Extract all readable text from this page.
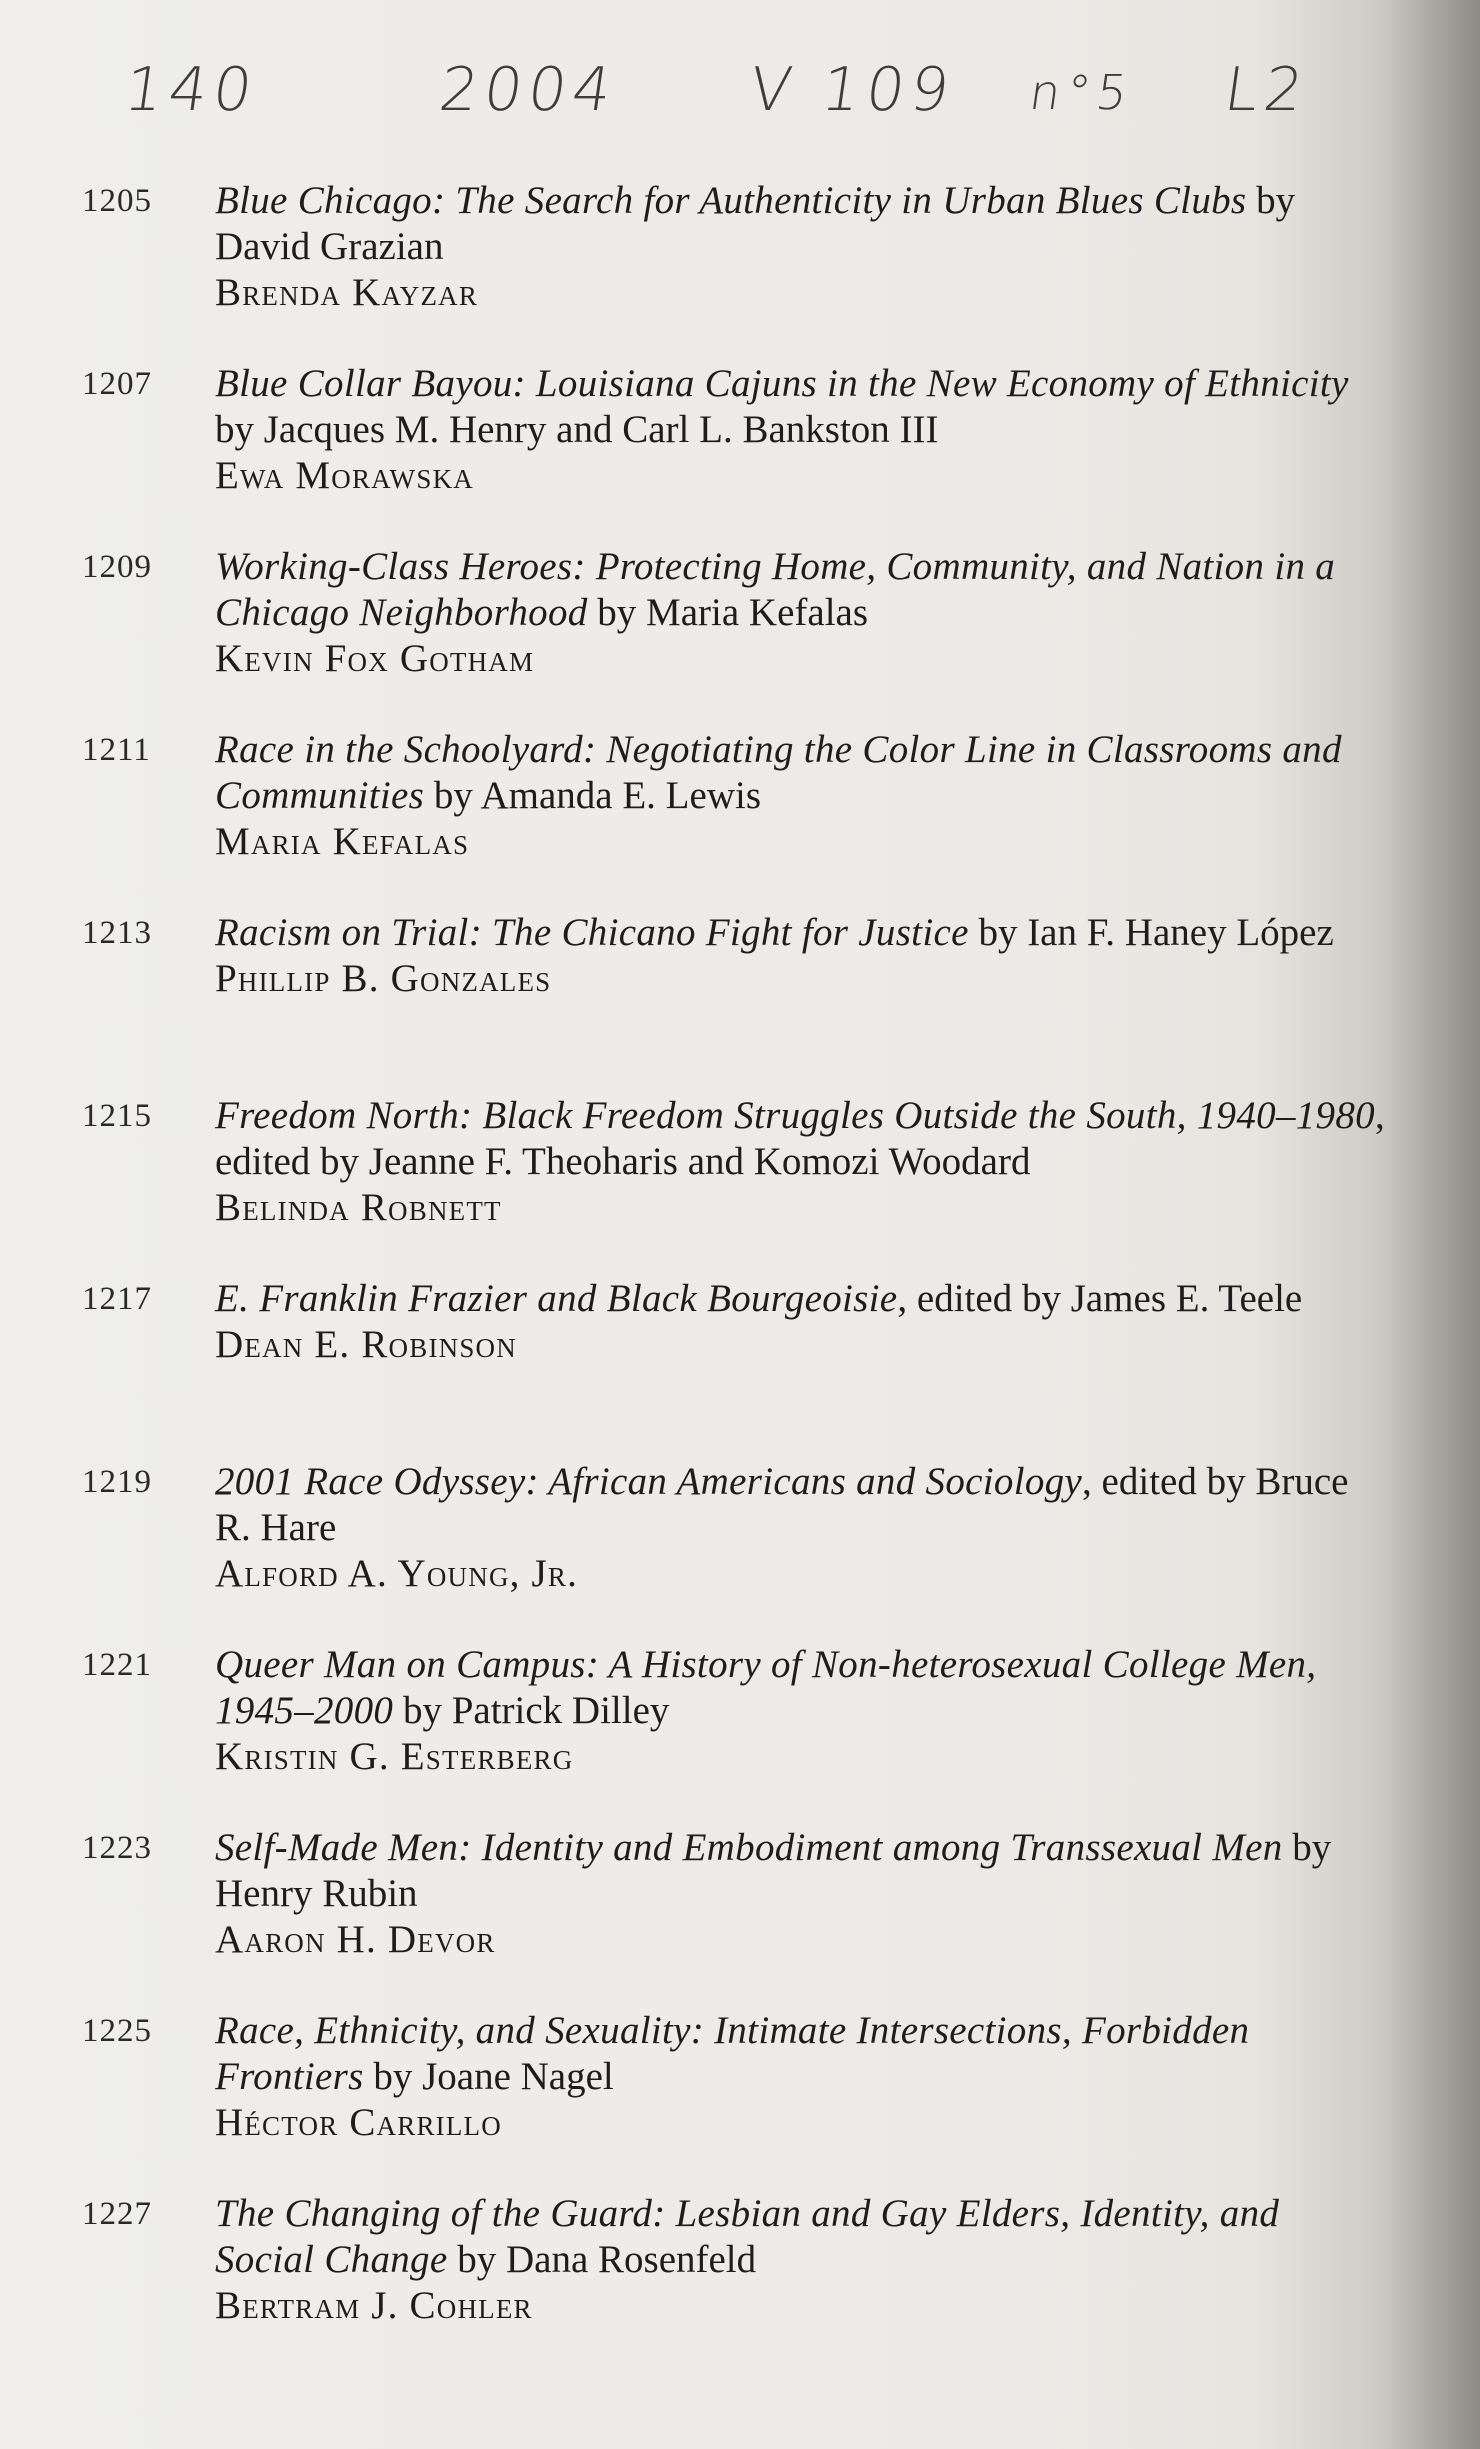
140	2004 V 109 n°5 L2
1205 Blue Chicago: The Search for Authenticity in Urban Blues Clubs by David Grazian
Brenda Kayzar
1207 Blue Collar Bayou: Louisiana Cajuns in the New Economy of Ethnicity by Jacques M. Henry and Carl L. Bankston III
Ewa Morawska
1209 Working-Class Heroes: Protecting Home, Community, and Nation in a Chicago Neighborhood by Maria Kefalas
Kevin Fox Gotham
1211 Race in the Schoolyard: Negotiating the Color Line in Classrooms and Communities by Amanda E. Lewis
Maria Kefalas
1213 Racism on Trial: The Chicano Fight for Justice by Ian F. Haney López
Phillip B. Gonzales
1215 Freedom North: Black Freedom Struggles Outside the South, 1940–1980, edited by Jeanne F. Theoharis and Komozi Woodard
Belinda Robnett
1217 E. Franklin Frazier and Black Bourgeoisie, edited by James E. Teele
Dean E. Robinson
1219 2001 Race Odyssey: African Americans and Sociology, edited by Bruce R. Hare
Alford A. Young, Jr.
1221 Queer Man on Campus: A History of Non-heterosexual College Men, 1945–2000 by Patrick Dilley
Kristin G. Esterberg
1223 Self-Made Men: Identity and Embodiment among Transsexual Men by Henry Rubin
Aaron H. Devor
1225 Race, Ethnicity, and Sexuality: Intimate Intersections, Forbidden Frontiers by Joane Nagel
Héctor Carrillo
1227 The Changing of the Guard: Lesbian and Gay Elders, Identity, and Social Change by Dana Rosenfeld
Bertram J. Cohler
